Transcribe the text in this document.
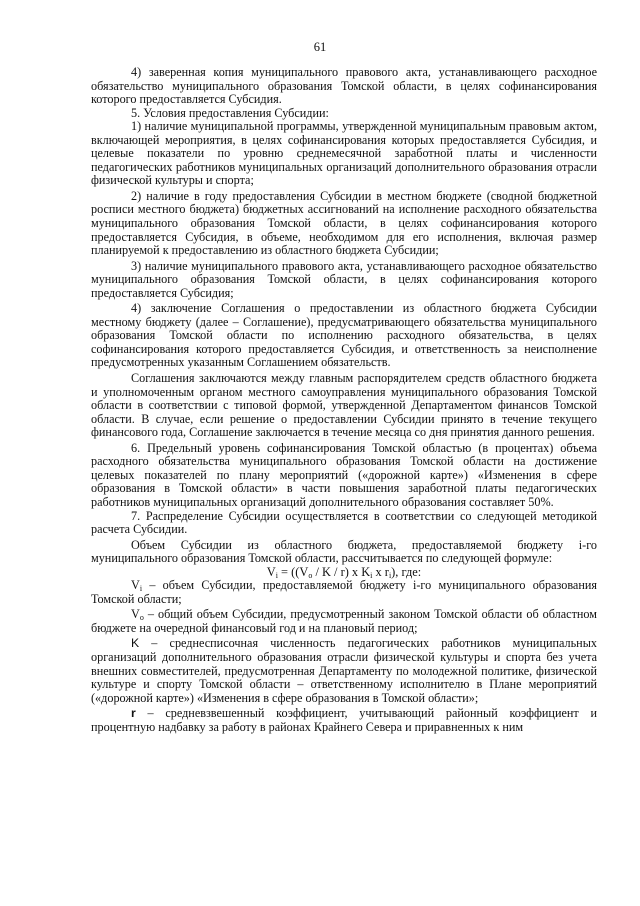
61

4) заверенная копия муниципального правового акта, устанавливающего расходное обязательство муниципального образования Томской области, в целях софинансирования которого предоставляется Субсидия.

5. Условия предоставления Субсидии:

1) наличие муниципальной программы, утвержденной муниципальным правовым актом, включающей мероприятия, в целях софинансирования которых предоставляется Субсидия, и целевые показатели по уровню среднемесячной заработной платы и численности педагогических работников муниципальных организаций дополнительного образования отрасли физической культуры и спорта;

2) наличие в году предоставления Субсидии в местном бюджете (сводной бюджетной росписи местного бюджета) бюджетных ассигнований на исполнение расходного обязательства муниципального образования Томской области, в целях софинансирования которого предоставляется Субсидия, в объеме, необходимом для его исполнения, включая размер планируемой к предоставлению из областного бюджета Субсидии;

3) наличие муниципального правового акта, устанавливающего расходное обязательство муниципального образования Томской области, в целях софинансирования которого предоставляется Субсидия;

4) заключение Соглашения о предоставлении из областного бюджета Субсидии местному бюджету (далее – Соглашение), предусматривающего обязательства муниципального образования Томской области по исполнению расходного обязательства, в целях софинансирования которого предоставляется Субсидия, и ответственность за неисполнение предусмотренных указанным Соглашением обязательств.

Соглашения заключаются между главным распорядителем средств областного бюджета и уполномоченным органом местного самоуправления муниципального образования Томской области в соответствии с типовой формой, утвержденной Департаментом финансов Томской области. В случае, если решение о предоставлении Субсидии принято в течение текущего финансового года, Соглашение заключается в течение месяца со дня принятия данного решения.

6. Предельный уровень софинансирования Томской областью (в процентах) объема расходного обязательства муниципального образования Томской области на достижение целевых показателей по плану мероприятий («дорожной карте») «Изменения в сфере образования в Томской области» в части повышения заработной платы педагогических работников муниципальных организаций дополнительного образования составляет 50%.

7. Распределение Субсидии осуществляется в соответствии со следующей методикой расчета Субсидии.

Объем Субсидии из областного бюджета, предоставляемой бюджету i-го муниципального образования Томской области, рассчитывается по следующей формуле:

$V_i = ((V_o / K / r)$ x $K_i$ x $r_i$), где:

$V_i$ – объем Субсидии, предоставляемой бюджету i-го муниципального образования Томской области;

$V_o$ – общий объем Субсидии, предусмотренный законом Томской области об областном бюджете на очередной финансовый год и на плановый период;

K – среднесписочная численность педагогических работников муниципальных организаций дополнительного образования отрасли физической культуры и спорта без учета внешних совместителей, предусмотренная Департаменту по молодежной политике, физической культуре и спорту Томской области – ответственному исполнителю в Плане мероприятий («дорожной карте») «Изменения в сфере образования в Томской области»;

r – средневзвешенный коэффициент, учитывающий районный коэффициент и процентную надбавку за работу в районах Крайнего Севера и приравненных к ним
